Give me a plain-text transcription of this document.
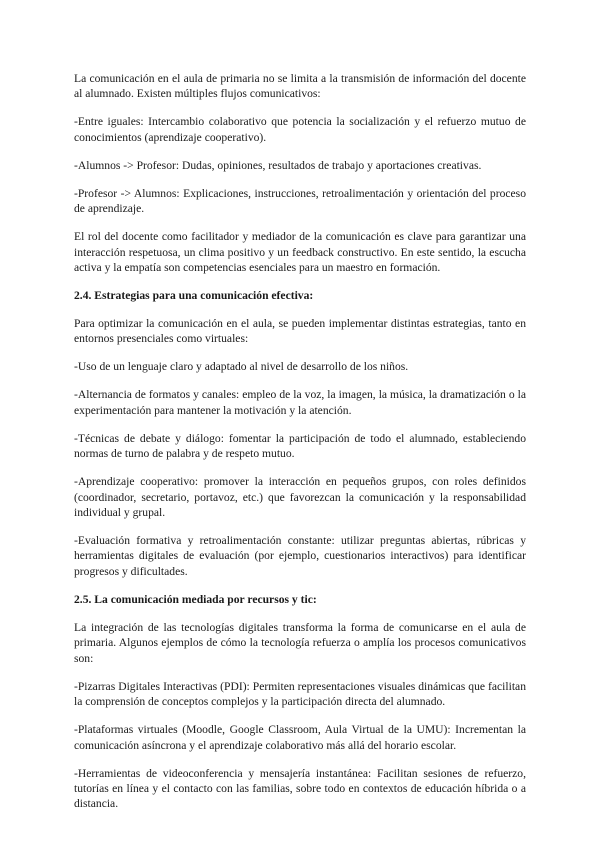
La comunicación en el aula de primaria no se limita a la transmisión de información del docente al alumnado. Existen múltiples flujos comunicativos:

-Entre iguales: Intercambio colaborativo que potencia la socialización y el refuerzo mutuo de conocimientos (aprendizaje cooperativo).

-Alumnos -> Profesor: Dudas, opiniones, resultados de trabajo y aportaciones creativas.

-Profesor -> Alumnos: Explicaciones, instrucciones, retroalimentación y orientación del proceso de aprendizaje.

El rol del docente como facilitador y mediador de la comunicación es clave para garantizar una interacción respetuosa, un clima positivo y un feedback constructivo. En este sentido, la escucha activa y la empatía son competencias esenciales para un maestro en formación.

2.4. Estrategias para una comunicación efectiva:

Para optimizar la comunicación en el aula, se pueden implementar distintas estrategias, tanto en entornos presenciales como virtuales:

-Uso de un lenguaje claro y adaptado al nivel de desarrollo de los niños.

-Alternancia de formatos y canales: empleo de la voz, la imagen, la música, la dramatización o la experimentación para mantener la motivación y la atención.

-Técnicas de debate y diálogo: fomentar la participación de todo el alumnado, estableciendo normas de turno de palabra y de respeto mutuo.

-Aprendizaje cooperativo: promover la interacción en pequeños grupos, con roles definidos (coordinador, secretario, portavoz, etc.) que favorezcan la comunicación y la responsabilidad individual y grupal.

-Evaluación formativa y retroalimentación constante: utilizar preguntas abiertas, rúbricas y herramientas digitales de evaluación (por ejemplo, cuestionarios interactivos) para identificar progresos y dificultades.

2.5. La comunicación mediada por recursos y tic:

La integración de las tecnologías digitales transforma la forma de comunicarse en el aula de primaria. Algunos ejemplos de cómo la tecnología refuerza o amplía los procesos comunicativos son:

-Pizarras Digitales Interactivas (PDI): Permiten representaciones visuales dinámicas que facilitan la comprensión de conceptos complejos y la participación directa del alumnado.

-Plataformas virtuales (Moodle, Google Classroom, Aula Virtual de la UMU): Incrementan la comunicación asíncrona y el aprendizaje colaborativo más allá del horario escolar.

-Herramientas de videoconferencia y mensajería instantánea: Facilitan sesiones de refuerzo, tutorías en línea y el contacto con las familias, sobre todo en contextos de educación híbrida o a distancia.
